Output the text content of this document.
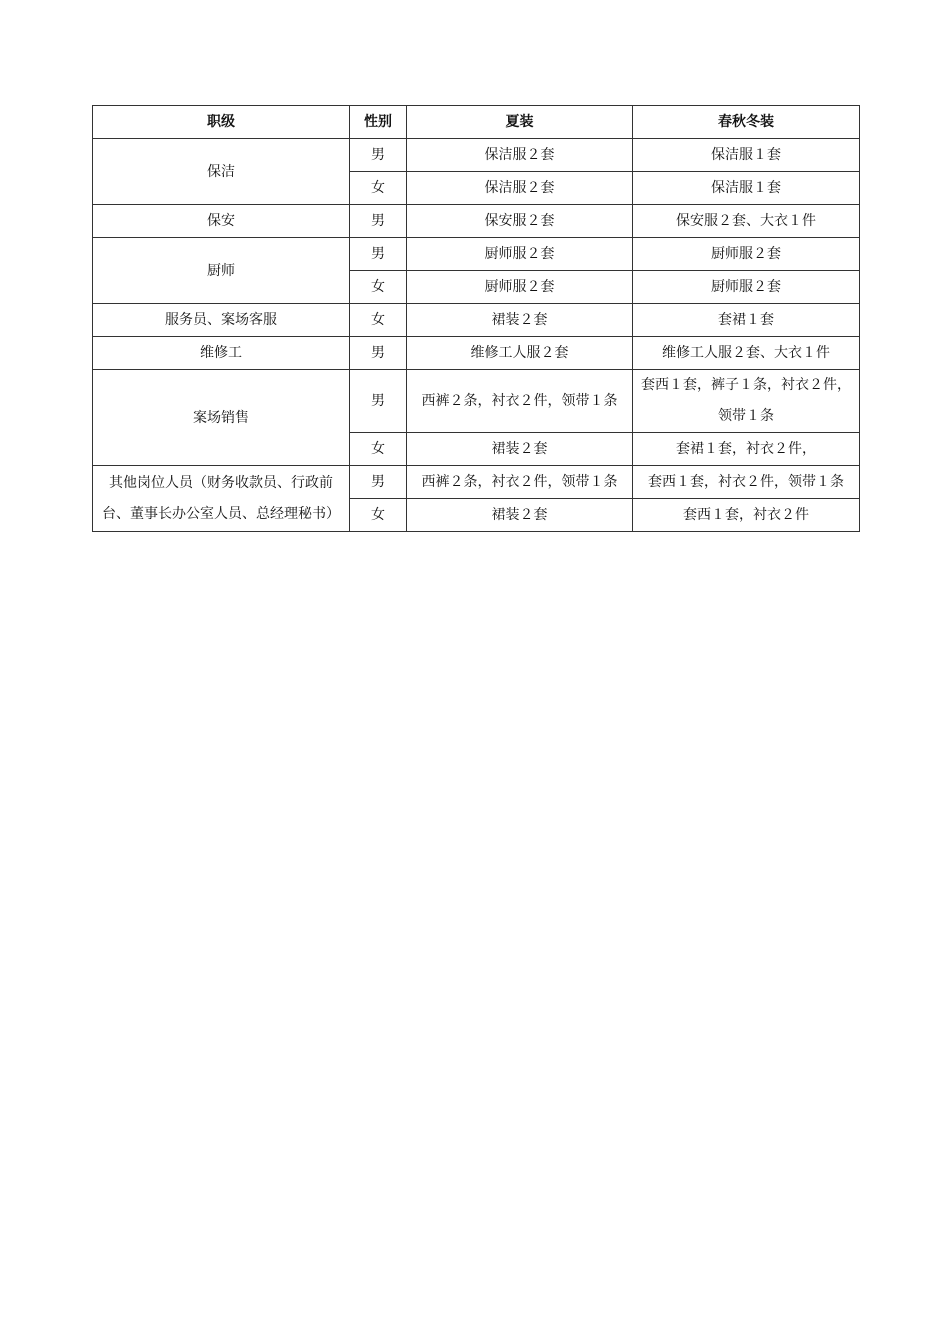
职级	性别	夏装	春秋冬装
保洁	男	保洁服２套	保洁服１套
	女	保洁服２套	保洁服１套
保安	男	保安服２套	保安服２套、大衣１件
厨师	男	厨师服２套	厨师服２套
	女	厨师服２套	厨师服２套
服务员、案场客服	女	裙装２套	套裙１套
维修工	男	维修工人服２套	维修工人服２套、大衣１件
案场销售	男	西裤２条，衬衣２件，领带１条	套西１套，裤子１条，衬衣２件，领带１条
	女	裙装２套	套裙１套，衬衣２件，
其他岗位人员（财务收款员、行政前台、董事长办公室人员、总经理秘书）	男	西裤２条，衬衣２件，领带１条	套西１套，衬衣２件，领带１条
	女	裙装２套	套西１套，衬衣２件
